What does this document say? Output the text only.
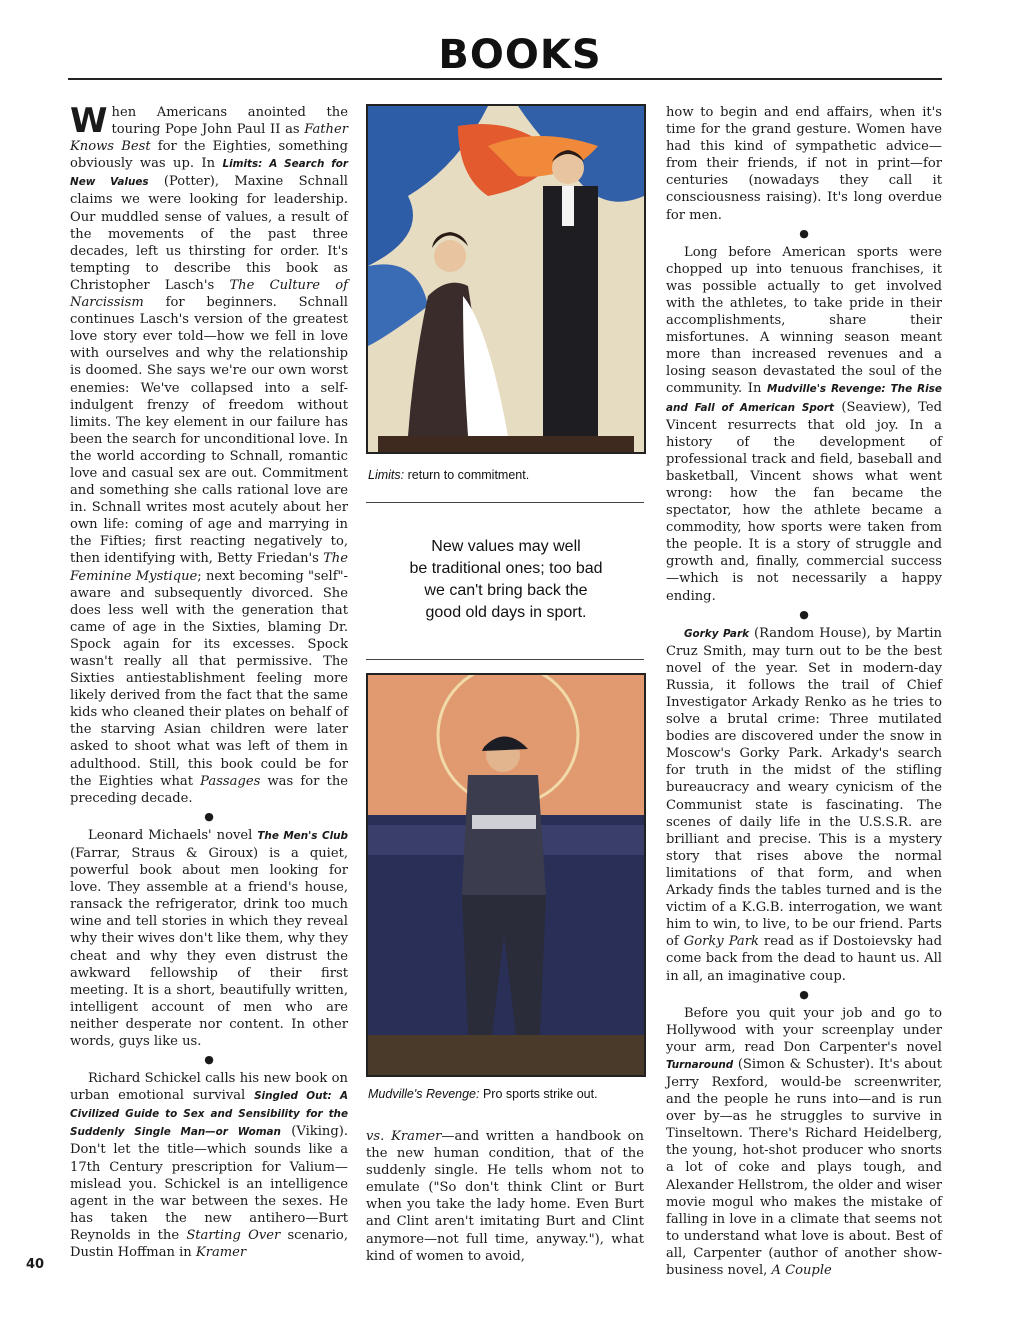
BOOKS

When Americans anointed the touring Pope John Paul II as Father Knows Best for the Eighties, something obviously was up. In Limits: A Search for New Values (Potter), Maxine Schnall claims we were looking for leadership. Our muddled sense of values, a result of the movements of the past three decades, left us thirsting for order. It's tempting to describe this book as Christopher Lasch's The Culture of Narcissism for beginners. Schnall continues Lasch's version of the greatest love story ever told—how we fell in love with ourselves and why the relationship is doomed. She says we're our own worst enemies: We've collapsed into a self-indulgent frenzy of freedom without limits. The key element in our failure has been the search for unconditional love. In the world according to Schnall, romantic love and casual sex are out. Commitment and something she calls rational love are in. Schnall writes most acutely about her own life: coming of age and marrying in the Fifties; first reacting negatively to, then identifying with, Betty Friedan's The Feminine Mystique; next becoming "self"-aware and subsequently divorced. She does less well with the generation that came of age in the Sixties, blaming Dr. Spock again for its excesses. Spock wasn't really all that permissive. The Sixties antiestablishment feeling more likely derived from the fact that the same kids who cleaned their plates on behalf of the starving Asian children were later asked to shoot what was left of them in adulthood. Still, this book could be for the Eighties what Passages was for the preceding decade.

●

Leonard Michaels' novel The Men's Club (Farrar, Straus & Giroux) is a quiet, powerful book about men looking for love. They assemble at a friend's house, ransack the refrigerator, drink too much wine and tell stories in which they reveal why their wives don't like them, why they cheat and why they even distrust the awkward fellowship of their first meeting. It is a short, beautifully written, intelligent account of men who are neither desperate nor content. In other words, guys like us.

●

Richard Schickel calls his new book on urban emotional survival Singled Out: A Civilized Guide to Sex and Sensibility for the Suddenly Single Man—or Woman (Viking). Don't let the title—which sounds like a 17th Century prescription for Valium—mislead you. Schickel is an intelligence agent in the war between the sexes. He has taken the new antihero—Burt Reynolds in the Starting Over scenario, Dustin Hoffman in Kramer

Limits: return to commitment.
New values may well
be traditional ones; too bad
we can't bring back the
good old days in sport.
Mudville's Revenge: Pro sports strike out.

vs. Kramer—and written a handbook on the new human condition, that of the suddenly single. He tells whom not to emulate ("So don't think Clint or Burt when you take the lady home. Even Burt and Clint aren't imitating Burt and Clint anymore—not full time, anyway."), what kind of women to avoid,

how to begin and end affairs, when it's time for the grand gesture. Women have had this kind of sympathetic advice—from their friends, if not in print—for centuries (nowadays they call it consciousness raising). It's long overdue for men.

●

Long before American sports were chopped up into tenuous franchises, it was possible actually to get involved with the athletes, to take pride in their accomplishments, share their misfortunes. A winning season meant more than increased revenues and a losing season devastated the soul of the community. In Mudville's Revenge: The Rise and Fall of American Sport (Seaview), Ted Vincent resurrects that old joy. In a history of the development of professional track and field, baseball and basketball, Vincent shows what went wrong: how the fan became the spectator, how the athlete became a commodity, how sports were taken from the people. It is a story of struggle and growth and, finally, commercial success—which is not necessarily a happy ending.

●

Gorky Park (Random House), by Martin Cruz Smith, may turn out to be the best novel of the year. Set in modern-day Russia, it follows the trail of Chief Investigator Arkady Renko as he tries to solve a brutal crime: Three mutilated bodies are discovered under the snow in Moscow's Gorky Park. Arkady's search for truth in the midst of the stifling bureaucracy and weary cynicism of the Communist state is fascinating. The scenes of daily life in the U.S.S.R. are brilliant and precise. This is a mystery story that rises above the normal limitations of that form, and when Arkady finds the tables turned and is the victim of a K.G.B. interrogation, we want him to win, to live, to be our friend. Parts of Gorky Park read as if Dostoievsky had come back from the dead to haunt us. All in all, an imaginative coup.

●

Before you quit your job and go to Hollywood with your screenplay under your arm, read Don Carpenter's novel Turnaround (Simon & Schuster). It's about Jerry Rexford, would-be screenwriter, and the people he runs into—and is run over by—as he struggles to survive in Tinseltown. There's Richard Heidelberg, the young, hot-shot producer who snorts a lot of coke and plays tough, and Alexander Hellstrom, the older and wiser movie mogul who makes the mistake of falling in love in a climate that seems not to understand what love is about. Best of all, Carpenter (author of another show-business novel, A Couple

40
